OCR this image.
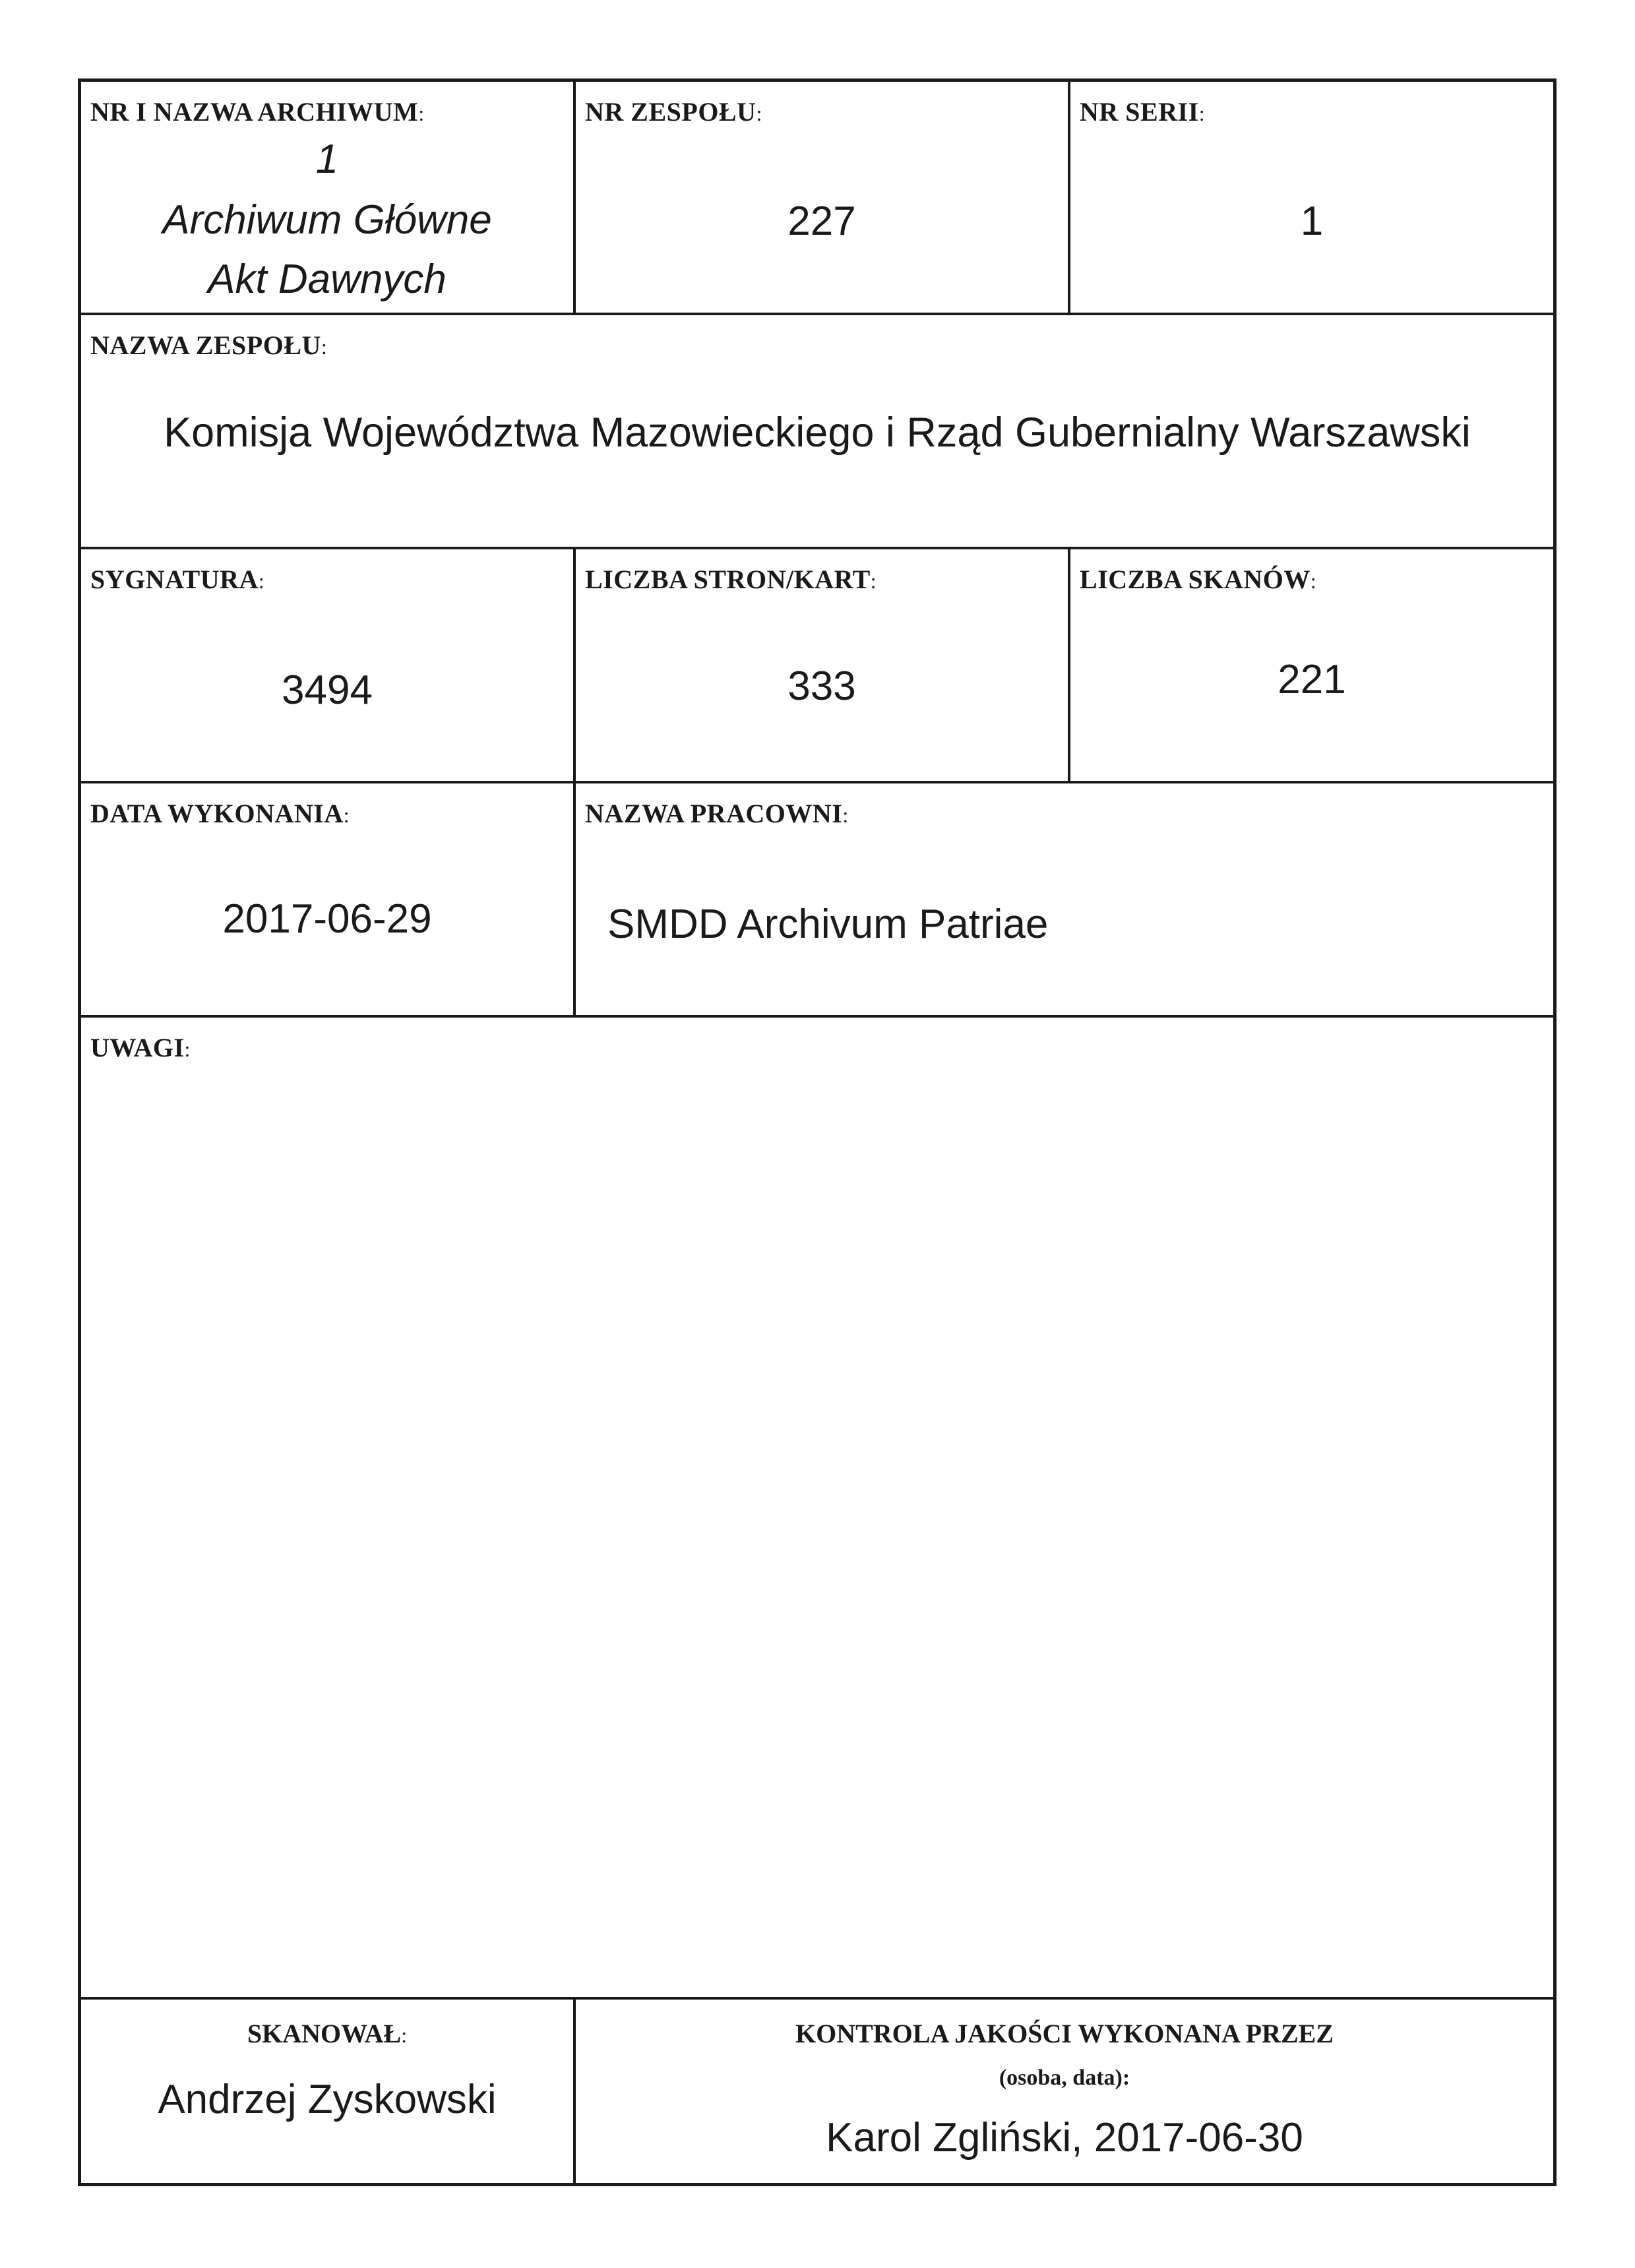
NR I NAZWA ARCHIWUM:
1
Archiwum Główne
Akt Dawnych
NR ZESPOŁU:
227
NR SERII:
1
NAZWA ZESPOŁU:
Komisja Województwa Mazowieckiego i Rząd Gubernialny Warszawski
SYGNATURA:
3494
LICZBA STRON/KART:
333
LICZBA SKANÓW:
221
DATA WYKONANIA:
2017-06-29
NAZWA PRACOWNI:
SMDD Archivum Patriae
UWAGI:
SKANOWAŁ:
Andrzej Zyskowski
KONTROLA JAKOŚCI WYKONANA PRZEZ
(osoba, data):
Karol Zgliński, 2017-06-30
